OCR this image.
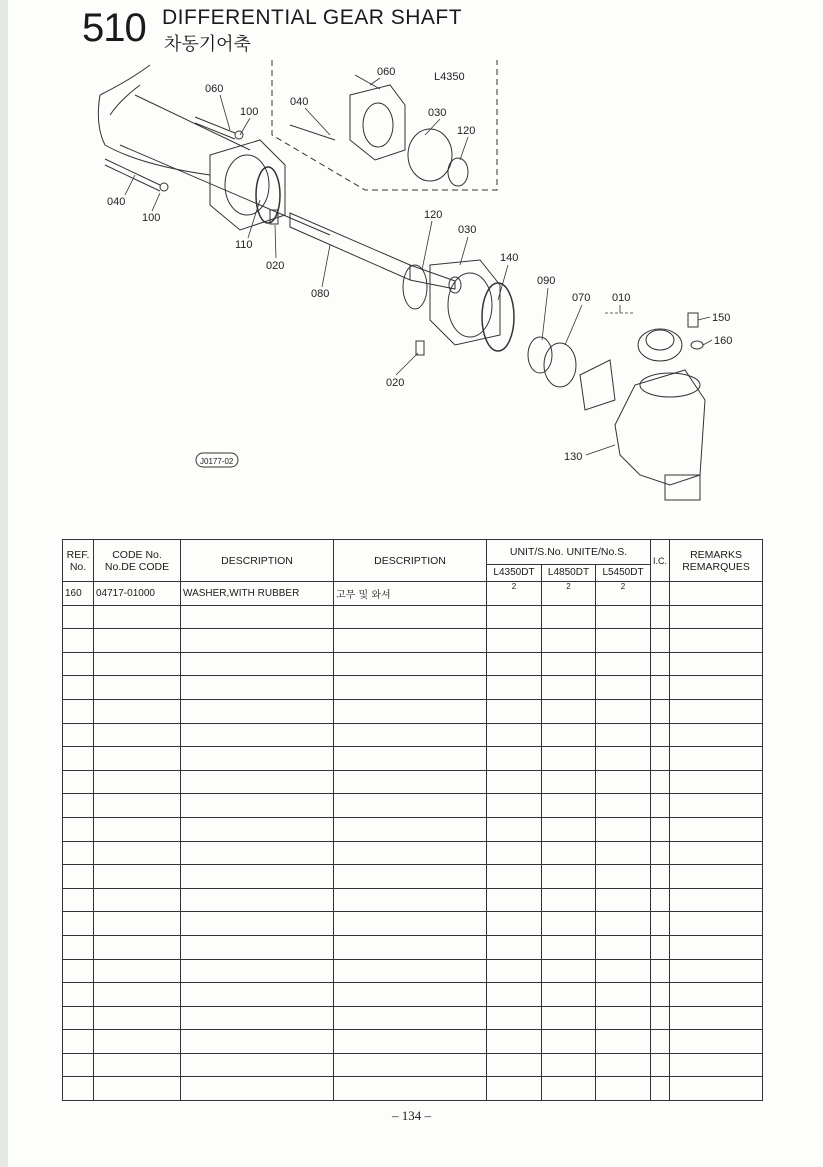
510 DIFFERENTIAL GEAR SHAFT
차동기어축
060
100
040
100
110
020
080
060	L4350
040
030
120
120
030
140
090
070 010
150
160
020
130
J0177-02
REF. No.	CODE No. No.DE CODE	DESCRIPTION	DESCRIPTION	UNIT/S.No. UNITE/No.S.			I.C.	REMARKS REMARQUES
				L4350DT	L4850DT	L5450DT		
160	04717-01000	WASHER,WITH RUBBER	고무 및 와셔	2	2	2		

– 134 –
